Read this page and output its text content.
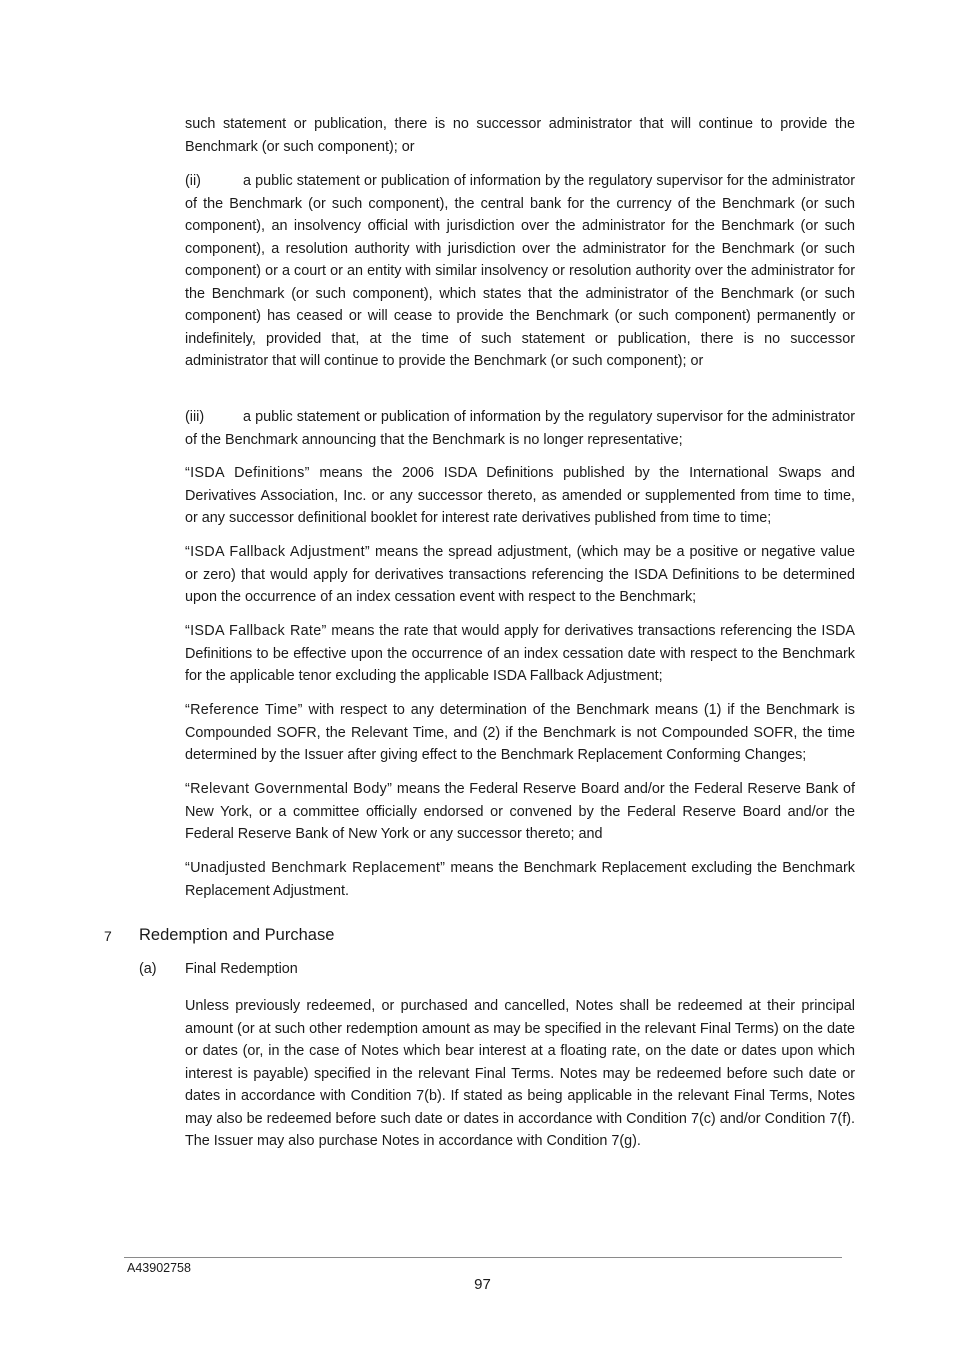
such statement or publication, there is no successor administrator that will continue to provide the Benchmark (or such component); or
(ii)	a public statement or publication of information by the regulatory supervisor for the administrator of the Benchmark (or such component), the central bank for the currency of the Benchmark (or such component), an insolvency official with jurisdiction over the administrator for the Benchmark (or such component), a resolution authority with jurisdiction over the administrator for the Benchmark (or such component) or a court or an entity with similar insolvency or resolution authority over the administrator for the Benchmark (or such component), which states that the administrator of the Benchmark (or such component) has ceased or will cease to provide the Benchmark (or such component) permanently or indefinitely, provided that, at the time of such statement or publication, there is no successor administrator that will continue to provide the Benchmark (or such component); or
(iii)	a public statement or publication of information by the regulatory supervisor for the administrator of the Benchmark announcing that the Benchmark is no longer representative;
“ISDA Definitions” means the 2006 ISDA Definitions published by the International Swaps and Derivatives Association, Inc. or any successor thereto, as amended or supplemented from time to time, or any successor definitional booklet for interest rate derivatives published from time to time;
“ISDA Fallback Adjustment” means the spread adjustment, (which may be a positive or negative value or zero) that would apply for derivatives transactions referencing the ISDA Definitions to be determined upon the occurrence of an index cessation event with respect to the Benchmark;
“ISDA Fallback Rate” means the rate that would apply for derivatives transactions referencing the ISDA Definitions to be effective upon the occurrence of an index cessation date with respect to the Benchmark for the applicable tenor excluding the applicable ISDA Fallback Adjustment;
“Reference Time” with respect to any determination of the Benchmark means (1) if the Benchmark is Compounded SOFR, the Relevant Time, and (2) if the Benchmark is not Compounded SOFR, the time determined by the Issuer after giving effect to the Benchmark Replacement Conforming Changes;
“Relevant Governmental Body” means the Federal Reserve Board and/or the Federal Reserve Bank of New York, or a committee officially endorsed or convened by the Federal Reserve Board and/or the Federal Reserve Bank of New York or any successor thereto; and
“Unadjusted Benchmark Replacement” means the Benchmark Replacement excluding the Benchmark Replacement Adjustment.
7 Redemption and Purchase
(a) Final Redemption
Unless previously redeemed, or purchased and cancelled, Notes shall be redeemed at their principal amount (or at such other redemption amount as may be specified in the relevant Final Terms) on the date or dates (or, in the case of Notes which bear interest at a floating rate, on the date or dates upon which interest is payable) specified in the relevant Final Terms. Notes may be redeemed before such date or dates in accordance with Condition 7(b). If stated as being applicable in the relevant Final Terms, Notes may also be redeemed before such date or dates in accordance with Condition 7(c) and/or Condition 7(f). The Issuer may also purchase Notes in accordance with Condition 7(g).
A43902758
97
